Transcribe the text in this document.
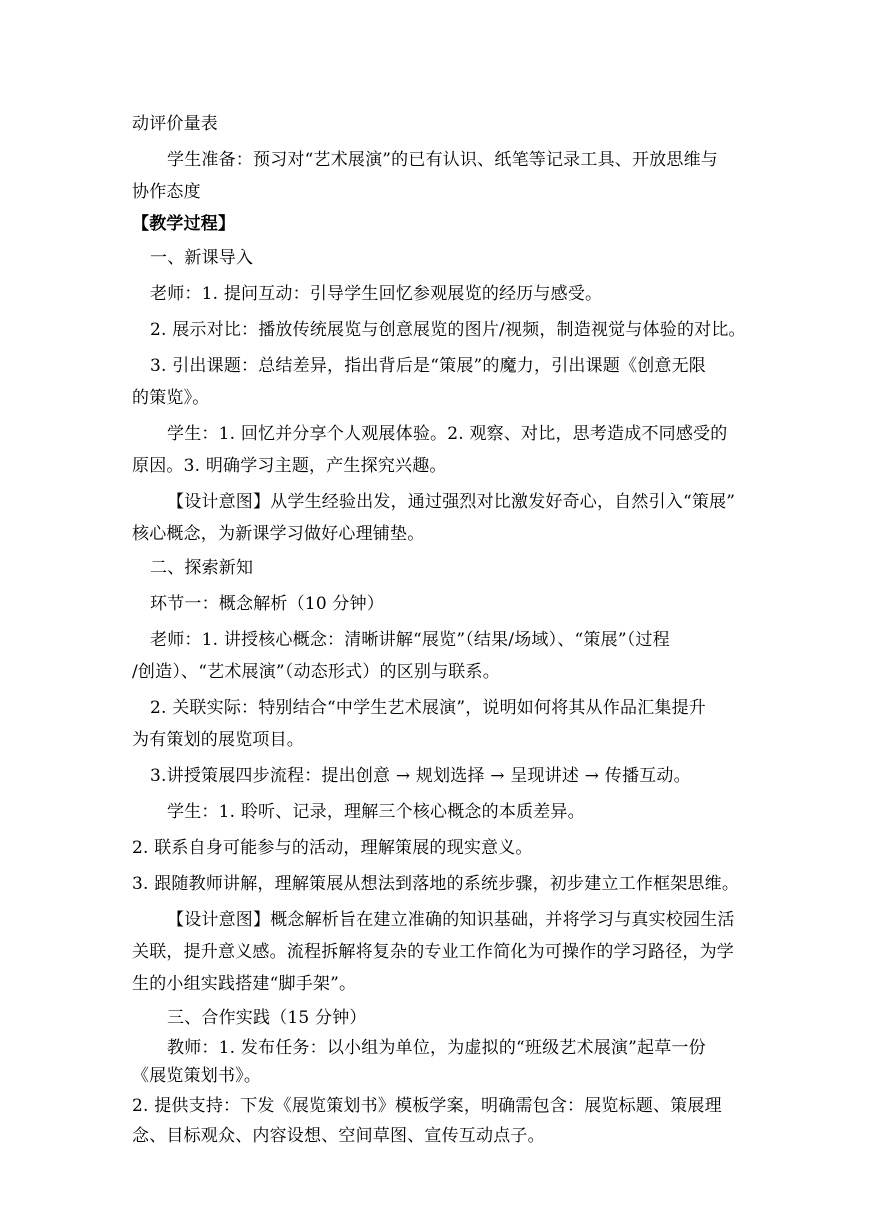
动评价量表
学生准备：预习对“艺术展演”的已有认识、纸笔等记录工具、开放思维与
协作态度
【教学过程】
一、新课导入
老师：1. 提问互动：引导学生回忆参观展览的经历与感受。
2. 展示对比：播放传统展览与创意展览的图片/视频，制造视觉与体验的对比。
3. 引出课题：总结差异，指出背后是“策展”的魔力，引出课题《创意无限
的策览》。
学生：1. 回忆并分享个人观展体验。2. 观察、对比，思考造成不同感受的
原因。3. 明确学习主题，产生探究兴趣。
【设计意图】从学生经验出发，通过强烈对比激发好奇心，自然引入“策展”
核心概念，为新课学习做好心理铺垫。
二、探索新知
环节一：概念解析（10 分钟）
老师：1. 讲授核心概念：清晰讲解“展览”（结果/场域）、“策展”（过程
/创造）、“艺术展演”（动态形式）的区别与联系。
2. 关联实际：特别结合“中学生艺术展演”，说明如何将其从作品汇集提升
为有策划的展览项目。
3.讲授策展四步流程：提出创意 → 规划选择 → 呈现讲述 → 传播互动。
学生：1. 聆听、记录，理解三个核心概念的本质差异。
2. 联系自身可能参与的活动，理解策展的现实意义。
3. 跟随教师讲解，理解策展从想法到落地的系统步骤，初步建立工作框架思维。
【设计意图】概念解析旨在建立准确的知识基础，并将学习与真实校园生活
关联，提升意义感。流程拆解将复杂的专业工作简化为可操作的学习路径，为学
生的小组实践搭建“脚手架”。
三、合作实践（15 分钟）
教师：1. 发布任务：以小组为单位，为虚拟的“班级艺术展演”起草一份
《展览策划书》。
2. 提供支持：下发《展览策划书》模板学案，明确需包含：展览标题、策展理
念、目标观众、内容设想、空间草图、宣传互动点子。
